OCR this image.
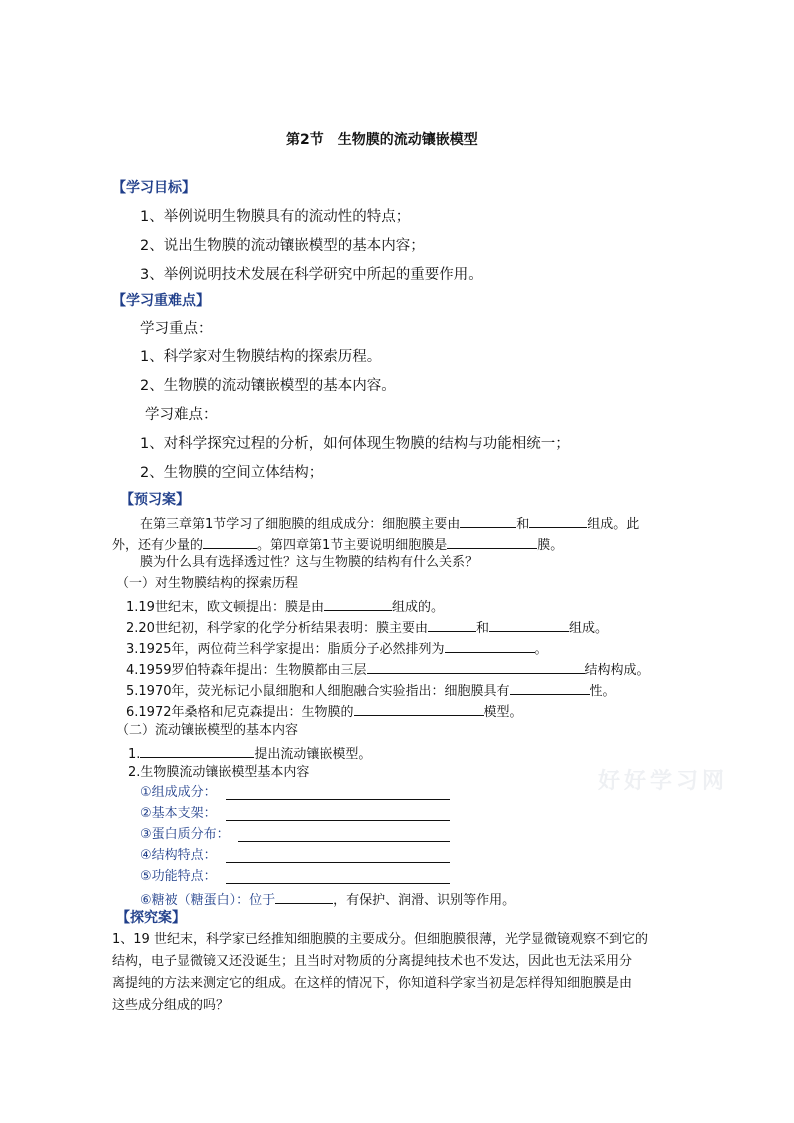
好好学习网
第2节　生物膜的流动镶嵌模型
【学习目标】
1、举例说明生物膜具有的流动性的特点；
2、说出生物膜的流动镶嵌模型的基本内容；
3、举例说明技术发展在科学研究中所起的重要作用。
【学习重难点】
学习重点：
1、科学家对生物膜结构的探索历程。
2、生物膜的流动镶嵌模型的基本内容。
学习难点：
1、对科学探究过程的分析，如何体现生物膜的结构与功能相统一；
2、生物膜的空间立体结构；
【预习案】
在第三章第1节学习了细胞膜的组成成分：细胞膜主要由	和	组成。此
外，还有少量的	。第四章第1节主要说明细胞膜是	膜。
膜为什么具有选择透过性？这与生物膜的结构有什么关系？
（一）对生物膜结构的探索历程
1.19世纪末，欧文顿提出：膜是由	组成的。
2.20世纪初，科学家的化学分析结果表明：膜主要由	和	组成。
3.1925年，两位荷兰科学家提出：脂质分子必然排列为	。
4.1959罗伯特森年提出：生物膜都由三层	结构构成。
5.1970年，荧光标记小鼠细胞和人细胞融合实验指出：细胞膜具有	性。
6.1972年桑格和尼克森提出：生物膜的	模型。
（二）流动镶嵌模型的基本内容
1.	提出流动镶嵌模型。
2.生物膜流动镶嵌模型基本内容
①组成成分：
②基本支架：
③蛋白质分布：
④结构特点：
⑤功能特点：
⑥糖被（糖蛋白）：位于	，有保护、润滑、识别等作用。
【探究案】
1、19 世纪末，科学家已经推知细胞膜的主要成分。但细胞膜很薄，光学显微镜观察不到它的
结构，电子显微镜又还没诞生；且当时对物质的分离提纯技术也不发达，因此也无法采用分
离提纯的方法来测定它的组成。在这样的情况下，你知道科学家当初是怎样得知细胞膜是由
这些成分组成的吗？
